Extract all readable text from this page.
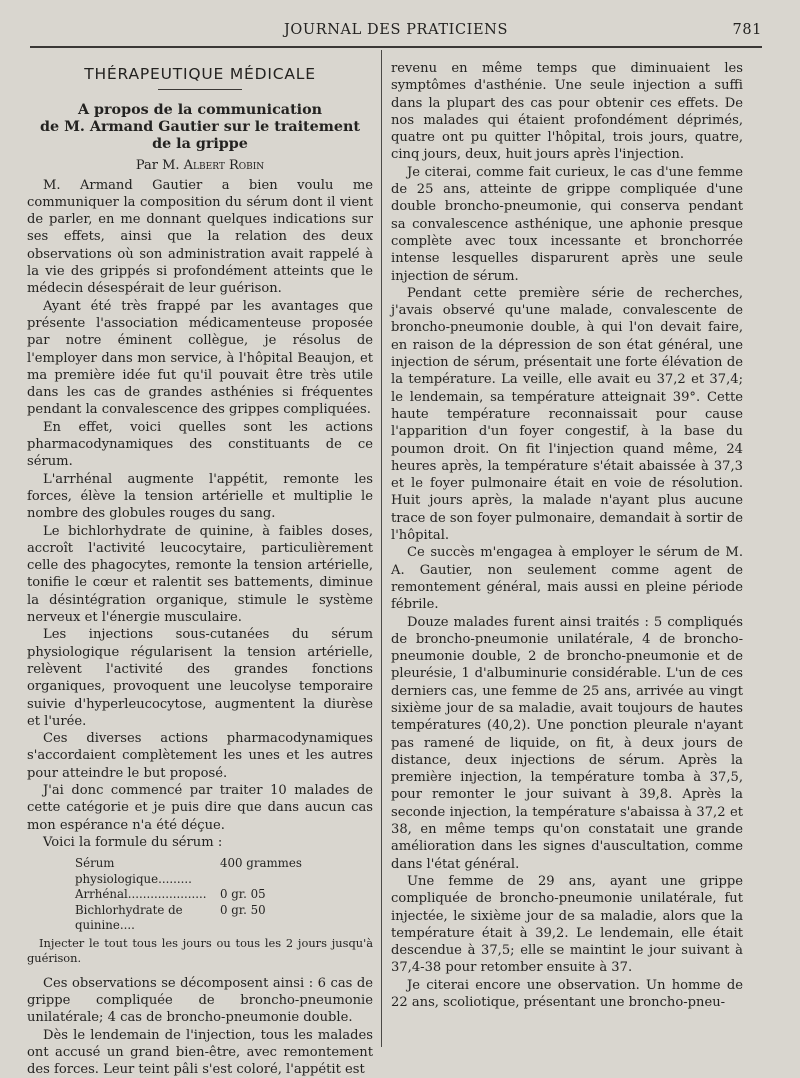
JOURNAL DES PRATICIENS	781
THÉRAPEUTIQUE MÉDICALE
A propos de la communication
de M. Armand Gautier sur le traitement
de la grippe
Par M. Albert Robin

M. Armand Gautier a bien voulu me communiquer la composition du sérum dont il vient de parler, en me donnant quelques indications sur ses effets, ainsi que la relation des deux observations où son administration avait rappelé à la vie des grippés si profondément atteints que le médecin désespérait de leur guérison.

Ayant été très frappé par les avantages que présente l'association médicamenteuse proposée par notre éminent collègue, je résolus de l'employer dans mon service, à l'hôpital Beaujon, et ma première idée fut qu'il pouvait être très utile dans les cas de grandes asthénies si fréquentes pendant la convalescence des grippes compliquées.

En effet, voici quelles sont les actions pharmacodynamiques des constituants de ce sérum.

L'arrhénal augmente l'appétit, remonte les forces, élève la tension artérielle et multiplie le nombre des globules rouges du sang.

Le bichlorhydrate de quinine, à faibles doses, accroît l'activité leucocytaire, particulièrement celle des phagocytes, remonte la tension artérielle, tonifie le cœur et ralentit ses battements, diminue la désintégration organique, stimule le système nerveux et l'énergie musculaire.

Les injections sous-cutanées du sérum physiologique régularisent la tension artérielle, relèvent l'activité des grandes fonctions organiques, provoquent une leucolyse temporaire suivie d'hyperleucocytose, augmentent la diurèse et l'urée.

Ces diverses actions pharmacodynamiques s'accordaient complètement les unes et les autres pour atteindre le but proposé.

J'ai donc commencé par traiter 10 malades de cette catégorie et je puis dire que dans aucun cas mon espérance n'a été déçue.

Voici la formule du sérum :

Sérum physiologique.........
400 grammes
Arrhénal.....................	0 gr. 05
Bichlorhydrate de quinine....
0 gr. 50
Injecter le tout tous les jours ou tous les 2 jours jusqu'à guérison.

Ces observations se décomposent ainsi : 6 cas de grippe compliquée de broncho-pneumonie unilatérale; 4 cas de broncho-pneumonie double.

Dès le lendemain de l'injection, tous les malades ont accusé un grand bien-être, avec remontement des forces. Leur teint pâli s'est coloré, l'appétit est

revenu en même temps que diminuaient les symptômes d'asthénie. Une seule injection a suffi dans la plupart des cas pour obtenir ces effets. De nos malades qui étaient profondément déprimés, quatre ont pu quitter l'hôpital, trois jours, quatre, cinq jours, deux, huit jours après l'injection.

Je citerai, comme fait curieux, le cas d'une femme de 25 ans, atteinte de grippe compliquée d'une double broncho-pneumonie, qui conserva pendant sa convalescence asthénique, une aphonie presque complète avec toux incessante et bronchorrée intense lesquelles disparurent après une seule injection de sérum.

Pendant cette première série de recherches, j'avais observé qu'une malade, convalescente de broncho-pneumonie double, à qui l'on devait faire, en raison de la dépression de son état général, une injection de sérum, présentait une forte élévation de la température. La veille, elle avait eu 37,2 et 37,4; le lendemain, sa température atteignait 39°. Cette haute température reconnaissait pour cause l'apparition d'un foyer congestif, à la base du poumon droit. On fit l'injection quand même, 24 heures après, la température s'était abaissée à 37,3 et le foyer pulmonaire était en voie de résolution. Huit jours après, la malade n'ayant plus aucune trace de son foyer pulmonaire, demandait à sortir de l'hôpital.

Ce succès m'engagea à employer le sérum de M. A. Gautier, non seulement comme agent de remontement général, mais aussi en pleine période fébrile.

Douze malades furent ainsi traités : 5 compliqués de broncho-pneumonie unilatérale, 4 de broncho-pneumonie double, 2 de broncho-pneumonie et de pleurésie, 1 d'albuminurie considérable. L'un de ces derniers cas, une femme de 25 ans, arrivée au vingt sixième jour de sa maladie, avait toujours de hautes températures (40,2). Une ponction pleurale n'ayant pas ramené de liquide, on fit, à deux jours de distance, deux injections de sérum. Après la première injection, la température tomba à 37,5, pour remonter le jour suivant à 39,8. Après la seconde injection, la température s'abaissa à 37,2 et 38, en même temps qu'on constatait une grande amélioration dans les signes d'auscultation, comme dans l'état général.

Une femme de 29 ans, ayant une grippe compliquée de broncho-pneumonie unilatérale, fut injectée, le sixième jour de sa maladie, alors que la température était à 39,2. Le lendemain, elle était descendue à 37,5; elle se maintint le jour suivant à 37,4-38 pour retomber ensuite à 37.

Je citerai encore une observation. Un homme de 22 ans, scoliotique, présentant une broncho-pneu-
